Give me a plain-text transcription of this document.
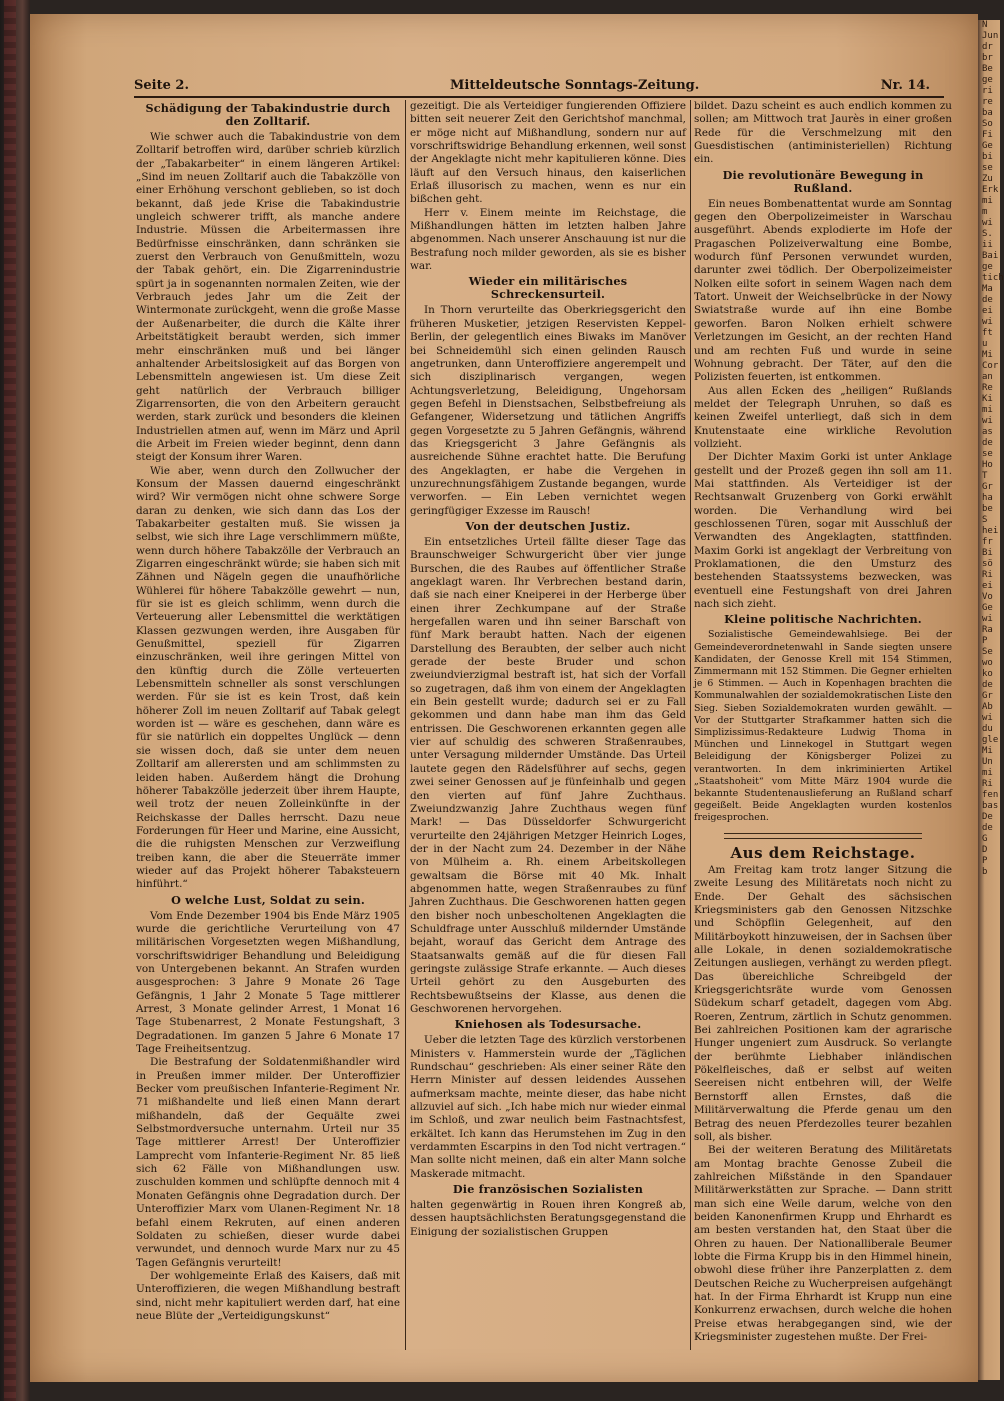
N
Jun
dr
br
Be
ge
ri
re
ba
So
Fi
Ge
bi
se
Zu
Erk
mi
m
wi
S.
ii
Bai
ge
tich
Ma
de
ei
wi
ft
u
Mi
Cor
an
Re
Ki
mi
wi
as
de
se
Ho
T
Gr
ha
be
S
hei
fr
Bi
sö
Ri
ei
Vo
Ge
wi
Ra
P
Se
wo
ko
de
Gr
Ab
wi
du
gle
Mi
Un
mi
Ri
fen
bas
De
de
G
D
P
b
Seite 2.	Mitteldeutsche Sonntags-Zeitung.	Nr. 14.
Schädigung der Tabakindustrie durch den Zolltarif.

Wie schwer auch die Tabakindustrie von dem Zolltarif betroffen wird, darüber schrieb kürzlich der „Tabakarbeiter“ in einem längeren Artikel: „Sind im neuen Zolltarif auch die Tabakzölle von einer Erhöhung verschont geblieben, so ist doch bekannt, daß jede Krise die Tabakindustrie ungleich schwerer trifft, als manche andere Industrie. Müssen die Arbeitermassen ihre Bedürfnisse einschränken, dann schränken sie zuerst den Verbrauch von Genußmitteln, wozu der Tabak gehört, ein. Die Zigarrenindustrie spürt ja in sogenannten normalen Zeiten, wie der Verbrauch jedes Jahr um die Zeit der Wintermonate zurückgeht, wenn die große Masse der Außenarbeiter, die durch die Kälte ihrer Arbeitstätigkeit beraubt werden, sich immer mehr einschränken muß und bei länger anhaltender Arbeitslosigkeit auf das Borgen von Lebensmitteln angewiesen ist. Um diese Zeit geht natürlich der Verbrauch billiger Zigarrensorten, die von den Arbeitern geraucht werden, stark zurück und besonders die kleinen Industriellen atmen auf, wenn im März und April die Arbeit im Freien wieder beginnt, denn dann steigt der Konsum ihrer Waren.

Wie aber, wenn durch den Zollwucher der Konsum der Massen dauernd eingeschränkt wird? Wir vermögen nicht ohne schwere Sorge daran zu denken, wie sich dann das Los der Tabakarbeiter gestalten muß. Sie wissen ja selbst, wie sich ihre Lage verschlimmern müßte, wenn durch höhere Tabakzölle der Verbrauch an Zigarren eingeschränkt würde; sie haben sich mit Zähnen und Nägeln gegen die unaufhörliche Wühlerei für höhere Tabakzölle gewehrt — nun, für sie ist es gleich schlimm, wenn durch die Verteuerung aller Lebensmittel die werktätigen Klassen gezwungen werden, ihre Ausgaben für Genußmittel, speziell für Zigarren einzuschränken, weil ihre geringen Mittel von den künftig durch die Zölle verteuerten Lebensmitteln schneller als sonst verschlungen werden. Für sie ist es kein Trost, daß kein höherer Zoll im neuen Zolltarif auf Tabak gelegt worden ist — wäre es geschehen, dann wäre es für sie natürlich ein doppeltes Unglück — denn sie wissen doch, daß sie unter dem neuen Zolltarif am allerersten und am schlimmsten zu leiden haben. Außerdem hängt die Drohung höherer Tabakzölle jederzeit über ihrem Haupte, weil trotz der neuen Zolleinkünfte in der Reichskasse der Dalles herrscht. Dazu neue Forderungen für Heer und Marine, eine Aussicht, die die ruhigsten Menschen zur Verzweiflung treiben kann, die aber die Steuerräte immer wieder auf das Projekt höherer Tabaksteuern hinführt.“

O welche Lust, Soldat zu sein.

Vom Ende Dezember 1904 bis Ende März 1905 wurde die gerichtliche Verurteilung von 47 militärischen Vorgesetzten wegen Mißhandlung, vorschriftswidriger Behandlung und Beleidigung von Untergebenen bekannt. An Strafen wurden ausgesprochen: 3 Jahre 9 Monate 26 Tage Gefängnis, 1 Jahr 2 Monate 5 Tage mittlerer Arrest, 3 Monate gelinder Arrest, 1 Monat 16 Tage Stubenarrest, 2 Monate Festungshaft, 3 Degradationen. Im ganzen 5 Jahre 6 Monate 17 Tage Freiheitsentzug.

Die Bestrafung der Soldatenmißhandler wird in Preußen immer milder. Der Unteroffizier Becker vom preußischen Infanterie-Regiment Nr. 71 mißhandelte und ließ einen Mann derart mißhandeln, daß der Gequälte zwei Selbstmordversuche unternahm. Urteil nur 35 Tage mittlerer Arrest! Der Unteroffizier Lamprecht vom Infanterie-Regiment Nr. 85 ließ sich 62 Fälle von Mißhandlungen usw. zuschulden kommen und schlüpfte dennoch mit 4 Monaten Gefängnis ohne Degradation durch. Der Unteroffizier Marx vom Ulanen-Regiment Nr. 18 befahl einem Rekruten, auf einen anderen Soldaten zu schießen, dieser wurde dabei verwundet, und dennoch wurde Marx nur zu 45 Tagen Gefängnis verurteilt!

Der wohlgemeinte Erlaß des Kaisers, daß mit Unteroffizieren, die wegen Mißhandlung bestraft sind, nicht mehr kapituliert werden darf, hat eine neue Blüte der „Verteidigungskunst“

gezeitigt. Die als Verteidiger fungierenden Offiziere bitten seit neuerer Zeit den Gerichtshof manchmal, er möge nicht auf Mißhandlung, sondern nur auf vorschriftswidrige Behandlung erkennen, weil sonst der Angeklagte nicht mehr kapitulieren könne. Dies läuft auf den Versuch hinaus, den kaiserlichen Erlaß illusorisch zu machen, wenn es nur ein bißchen geht.

Herr v. Einem meinte im Reichstage, die Mißhandlungen hätten im letzten halben Jahre abgenommen. Nach unserer Anschauung ist nur die Bestrafung noch milder geworden, als sie es bisher war.

Wieder ein militärisches Schreckensurteil.

In Thorn verurteilte das Oberkriegsgericht den früheren Musketier, jetzigen Reservisten Keppel-Berlin, der gelegentlich eines Biwaks im Manöver bei Schneidemühl sich einen gelinden Rausch angetrunken, dann Unteroffiziere angerempelt und sich disziplinarisch vergangen, wegen Achtungsverletzung, Beleidigung, Ungehorsam gegen Befehl in Dienstsachen, Selbstbefreiung als Gefangener, Widersetzung und tätlichen Angriffs gegen Vorgesetzte zu 5 Jahren Gefängnis, während das Kriegsgericht 3 Jahre Gefängnis als ausreichende Sühne erachtet hatte. Die Berufung des Angeklagten, er habe die Vergehen in unzurechnungsfähigem Zustande begangen, wurde verworfen. — Ein Leben vernichtet wegen geringfügiger Exzesse im Rausch!

Von der deutschen Justiz.

Ein entsetzliches Urteil fällte dieser Tage das Braunschweiger Schwurgericht über vier junge Burschen, die des Raubes auf öffentlicher Straße angeklagt waren. Ihr Verbrechen bestand darin, daß sie nach einer Kneiperei in der Herberge über einen ihrer Zechkumpane auf der Straße hergefallen waren und ihn seiner Barschaft von fünf Mark beraubt hatten. Nach der eigenen Darstellung des Beraubten, der selber auch nicht gerade der beste Bruder und schon zweiundvierzigmal bestraft ist, hat sich der Vorfall so zugetragen, daß ihm von einem der Angeklagten ein Bein gestellt wurde; dadurch sei er zu Fall gekommen und dann habe man ihm das Geld entrissen. Die Geschworenen erkannten gegen alle vier auf schuldig des schweren Straßenraubes, unter Versagung mildernder Umstände. Das Urteil lautete gegen den Rädelsführer auf sechs, gegen zwei seiner Genossen auf je fünfeinhalb und gegen den vierten auf fünf Jahre Zuchthaus. Zweiundzwanzig Jahre Zuchthaus wegen fünf Mark! — Das Düsseldorfer Schwurgericht verurteilte den 24jährigen Metzger Heinrich Loges, der in der Nacht zum 24. Dezember in der Nähe von Mülheim a. Rh. einem Arbeitskollegen gewaltsam die Börse mit 40 Mk. Inhalt abgenommen hatte, wegen Straßenraubes zu fünf Jahren Zuchthaus. Die Geschworenen hatten gegen den bisher noch unbescholtenen Angeklagten die Schuldfrage unter Ausschluß mildernder Umstände bejaht, worauf das Gericht dem Antrage des Staatsanwalts gemäß auf die für diesen Fall geringste zulässige Strafe erkannte. — Auch dieses Urteil gehört zu den Ausgeburten des Rechtsbewußtseins der Klasse, aus denen die Geschworenen hervorgehen.

Kniehosen als Todesursache.

Ueber die letzten Tage des kürzlich verstorbenen Ministers v. Hammerstein wurde der „Täglichen Rundschau“ geschrieben: Als einer seiner Räte den Herrn Minister auf dessen leidendes Aussehen aufmerksam machte, meinte dieser, das habe nicht allzuviel auf sich. „Ich habe mich nur wieder einmal im Schloß, und zwar neulich beim Fastnachtsfest, erkältet. Ich kann das Herumstehen im Zug in den verdammten Escarpins in den Tod nicht vertragen.“ Man sollte nicht meinen, daß ein alter Mann solche Maskerade mitmacht.

Die französischen Sozialisten

halten gegenwärtig in Rouen ihren Kongreß ab, dessen hauptsächlichsten Beratungsgegenstand die Einigung der sozialistischen Gruppen

bildet. Dazu scheint es auch endlich kommen zu sollen; am Mittwoch trat Jaurès in einer großen Rede für die Verschmelzung mit den Guesdistischen (antiministeriellen) Richtung ein.

Die revolutionäre Bewegung in Rußland.

Ein neues Bombenattentat wurde am Sonntag gegen den Oberpolizeimeister in Warschau ausgeführt. Abends explodierte im Hofe der Pragaschen Polizeiverwaltung eine Bombe, wodurch fünf Personen verwundet wurden, darunter zwei tödlich. Der Oberpolizeimeister Nolken eilte sofort in seinem Wagen nach dem Tatort. Unweit der Weichselbrücke in der Nowy Swiatstraße wurde auf ihn eine Bombe geworfen. Baron Nolken erhielt schwere Verletzungen im Gesicht, an der rechten Hand und am rechten Fuß und wurde in seine Wohnung gebracht. Der Täter, auf den die Polizisten feuerten, ist entkommen.

Aus allen Ecken des „heiligen“ Rußlands meldet der Telegraph Unruhen, so daß es keinen Zweifel unterliegt, daß sich in dem Knutenstaate eine wirkliche Revolution vollzieht.

Der Dichter Maxim Gorki ist unter Anklage gestellt und der Prozeß gegen ihn soll am 11. Mai stattfinden. Als Verteidiger ist der Rechtsanwalt Gruzenberg von Gorki erwählt worden. Die Verhandlung wird bei geschlossenen Türen, sogar mit Ausschluß der Verwandten des Angeklagten, stattfinden. Maxim Gorki ist angeklagt der Verbreitung von Proklamationen, die den Umsturz des bestehenden Staatssystems bezwecken, was eventuell eine Festungshaft von drei Jahren nach sich zieht.

Kleine politische Nachrichten.

Sozialistische Gemeindewahlsiege. Bei der Gemeindeverordnetenwahl in Sande siegten unsere Kandidaten, der Genosse Krell mit 154 Stimmen, Zimmermann mit 152 Stimmen. Die Gegner erhielten je 6 Stimmen. — Auch in Kopenhagen brachten die Kommunalwahlen der sozialdemokratischen Liste den Sieg. Sieben Sozialdemokraten wurden gewählt. — Vor der Stuttgarter Strafkammer hatten sich die Simplizissimus-Redakteure Ludwig Thoma in München und Linnekogel in Stuttgart wegen Beleidigung der Königsberger Polizei zu verantworten. In dem inkriminierten Artikel „Staatshoheit“ vom Mitte März 1904 wurde die bekannte Studentenauslieferung an Rußland scharf gegeißelt. Beide Angeklagten wurden kostenlos freigesprochen.

Aus dem Reichstage.

Am Freitag kam trotz langer Sitzung die zweite Lesung des Militäretats noch nicht zu Ende. Der Gehalt des sächsischen Kriegsministers gab den Genossen Nitzschke und Schöpflin Gelegenheit, auf den Militärboykott hinzuweisen, der in Sachsen über alle Lokale, in denen sozialdemokratische Zeitungen ausliegen, verhängt zu werden pflegt. Das übereichliche Schreibgeld der Kriegsgerichtsräte wurde vom Genossen Südekum scharf getadelt, dagegen vom Abg. Roeren, Zentrum, zärtlich in Schutz genommen. Bei zahlreichen Positionen kam der agrarische Hunger ungeniert zum Ausdruck. So verlangte der berühmte Liebhaber inländischen Pökelfleisches, daß er selbst auf weiten Seereisen nicht entbehren will, der Welfe Bernstorff allen Ernstes, daß die Militärverwaltung die Pferde genau um den Betrag des neuen Pferdezolles teurer bezahlen soll, als bisher.

Bei der weiteren Beratung des Militäretats am Montag brachte Genosse Zubeil die zahlreichen Mißstände in den Spandauer Militärwerkstätten zur Sprache. — Dann stritt man sich eine Weile darum, welche von den beiden Kanonenfirmen Krupp und Ehrhardt es am besten verstanden hat, den Staat über die Ohren zu hauen. Der Nationalliberale Beumer lobte die Firma Krupp bis in den Himmel hinein, obwohl diese früher ihre Panzerplatten z. dem Deutschen Reiche zu Wucherpreisen aufgehängt hat. In der Firma Ehrhardt ist Krupp nun eine Konkurrenz erwachsen, durch welche die hohen Preise etwas herabgegangen sind, wie der Kriegsminister zugestehen mußte. Der Frei-
